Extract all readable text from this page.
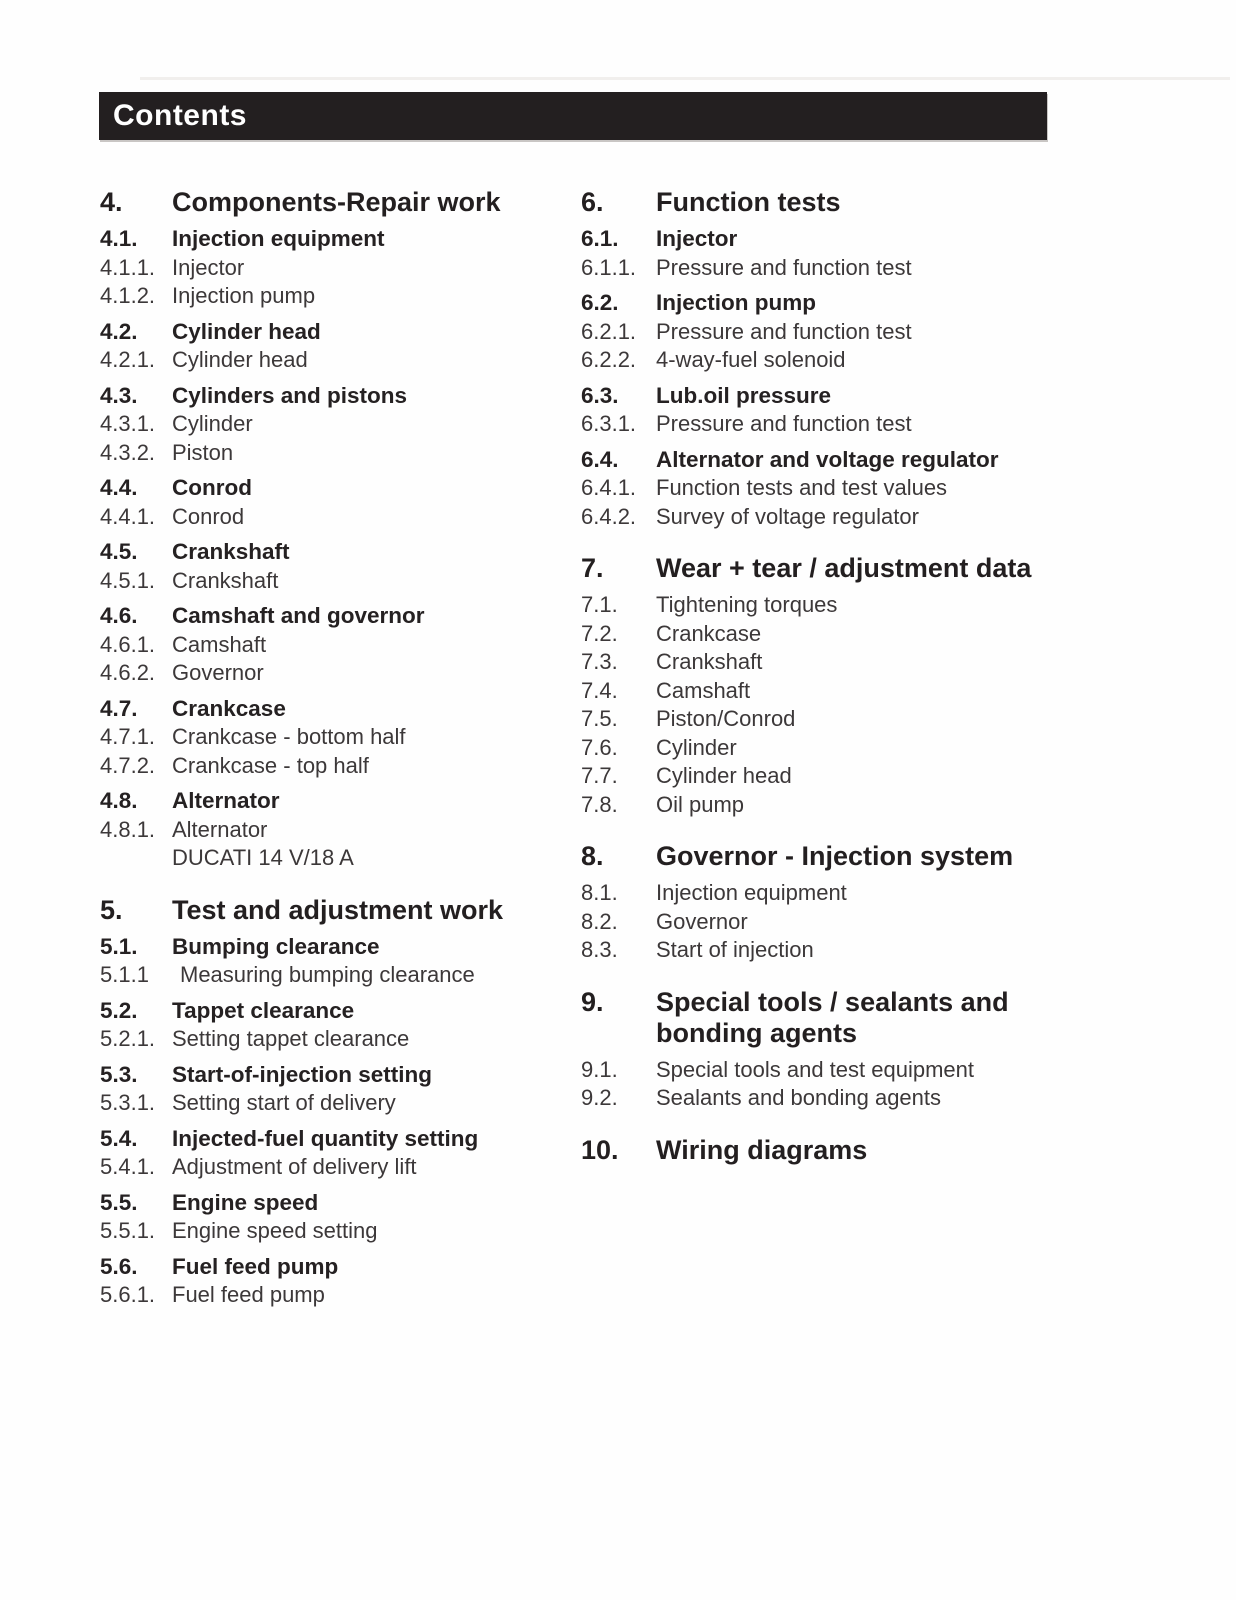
Contents
4.	Components-Repair work
4.1.	Injection equipment
4.1.1. Injector
4.1.2. Injection pump
4.2.	Cylinder head
4.2.1. Cylinder head
4.3.	Cylinders and pistons
4.3.1. Cylinder
4.3.2. Piston
4.4.	Conrod
4.4.1. Conrod
4.5.	Crankshaft
4.5.1. Crankshaft
4.6.	Camshaft and governor
4.6.1. Camshaft
4.6.2. Governor
4.7.	Crankcase
4.7.1. Crankcase - bottom half
4.7.2. Crankcase - top half
4.8.	Alternator
4.8.1. Alternator
DUCATI 14 V/18 A
5.	Test and adjustment work
5.1.	Bumping clearance
5.1.1	Measuring bumping clearance
5.2.	Tappet clearance
5.2.1. Setting tappet clearance
5.3.	Start-of-injection setting
5.3.1. Setting start of delivery
5.4.	Injected-fuel quantity setting
5.4.1. Adjustment of delivery lift
5.5.	Engine speed
5.5.1. Engine speed setting
5.6.	Fuel feed pump
5.6.1. Fuel feed pump
6.	Function tests
6.1.	Injector
6.1.1. Pressure and function test
6.2.	Injection pump
6.2.1. Pressure and function test
6.2.2. 4-way-fuel solenoid
6.3.	Lub.oil pressure
6.3.1. Pressure and function test
6.4.	Alternator and voltage regulator
6.4.1. Function tests and test values
6.4.2. Survey of voltage regulator
7.	Wear + tear / adjustment data
7.1.	Tightening torques
7.2.	Crankcase
7.3.	Crankshaft
7.4.	Camshaft
7.5.	Piston/Conrod
7.6.	Cylinder
7.7.	Cylinder head
7.8.	Oil pump
8.	Governor - Injection system
8.1.	Injection equipment
8.2.	Governor
8.3.	Start of injection
9.	Special tools / sealants and
bonding agents
9.1.	Special tools and test equipment
9.2.	Sealants and bonding agents
10.	Wiring diagrams
